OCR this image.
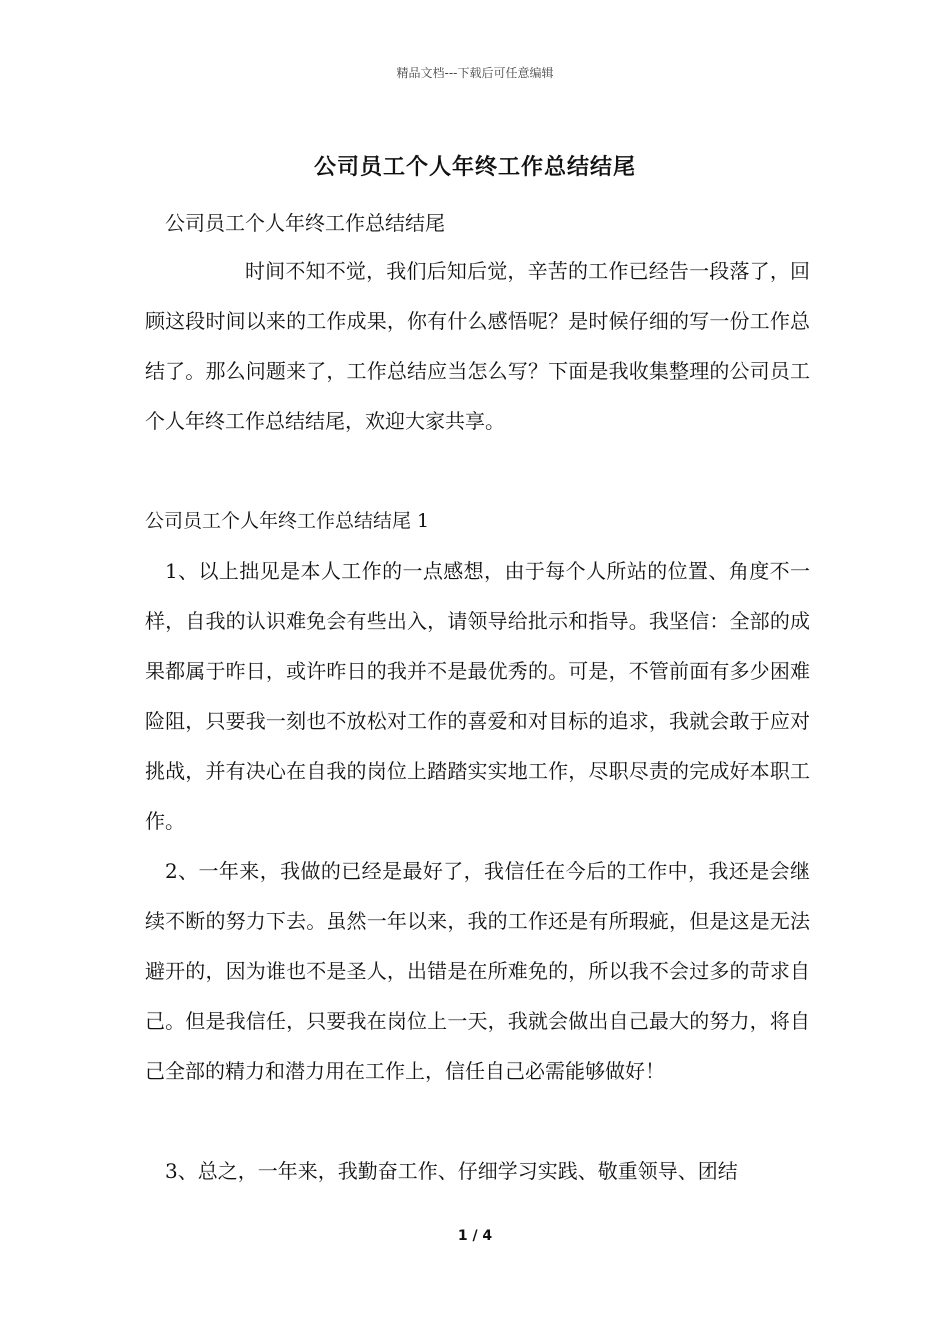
精品文档---下载后可任意编辑
公司员工个人年终工作总结结尾
公司员工个人年终工作总结结尾
时间不知不觉，我们后知后觉，辛苦的工作已经告一段落了，回顾这段时间以来的工作成果，你有什么感悟呢？是时候仔细的写一份工作总结了。那么问题来了，工作总结应当怎么写？下面是我收集整理的公司员工个人年终工作总结结尾，欢迎大家共享。
公司员工个人年终工作总结结尾 1
1、以上拙见是本人工作的一点感想，由于每个人所站的位置、角度不一样，自我的认识难免会有些出入，请领导给批示和指导。我坚信：全部的成果都属于昨日，或许昨日的我并不是最优秀的。可是，不管前面有多少困难险阻，只要我一刻也不放松对工作的喜爱和对目标的追求，我就会敢于应对挑战，并有决心在自我的岗位上踏踏实实地工作，尽职尽责的完成好本职工作。
2、一年来，我做的已经是最好了，我信任在今后的工作中，我还是会继续不断的努力下去。虽然一年以来，我的工作还是有所瑕疵，但是这是无法避开的，因为谁也不是圣人，出错是在所难免的，所以我不会过多的苛求自己。但是我信任，只要我在岗位上一天，我就会做出自己最大的努力，将自己全部的精力和潜力用在工作上，信任自己必需能够做好！
3、总之，一年来，我勤奋工作、仔细学习实践、敬重领导、团结
1 / 4
